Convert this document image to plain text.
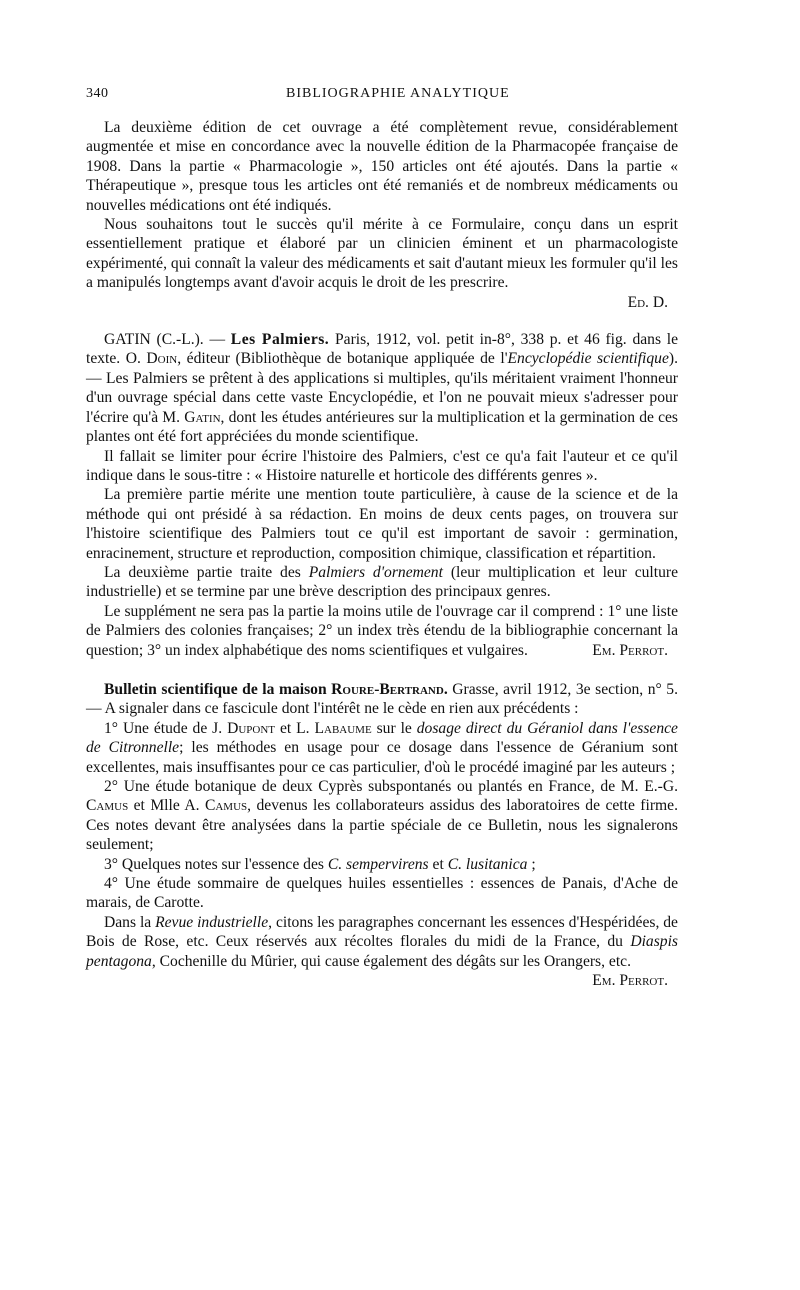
340	BIBLIOGRAPHIE ANALYTIQUE

La deuxième édition de cet ouvrage a été complètement revue, considérablement augmentée et mise en concordance avec la nouvelle édition de la Pharmacopée française de 1908. Dans la partie « Pharmacologie », 150 articles ont été ajoutés. Dans la partie « Thérapeutique », presque tous les articles ont été remaniés et de nombreux médicaments ou nouvelles médications ont été indiqués.

Nous souhaitons tout le succès qu'il mérite à ce Formulaire, conçu dans un esprit essentiellement pratique et élaboré par un clinicien éminent et un pharmacologiste expérimenté, qui connaît la valeur des médicaments et sait d'autant mieux les formuler qu'il les a manipulés longtemps avant d'avoir acquis le droit de les prescrire.

Ed. D.

GATIN (C.-L.). — Les Palmiers. Paris, 1912, vol. petit in-8°, 338 p. et 46 fig. dans le texte. O. Doin, éditeur (Bibliothèque de botanique appliquée de l'Encyclopédie scientifique). — Les Palmiers se prêtent à des applications si multiples, qu'ils méritaient vraiment l'honneur d'un ouvrage spécial dans cette vaste Encyclopédie, et l'on ne pouvait mieux s'adresser pour l'écrire qu'à M. Gatin, dont les études antérieures sur la multiplication et la germination de ces plantes ont été fort appréciées du monde scientifique.

Il fallait se limiter pour écrire l'histoire des Palmiers, c'est ce qu'a fait l'auteur et ce qu'il indique dans le sous-titre : « Histoire naturelle et horticole des différents genres ».

La première partie mérite une mention toute particulière, à cause de la science et de la méthode qui ont présidé à sa rédaction. En moins de deux cents pages, on trouvera sur l'histoire scientifique des Palmiers tout ce qu'il est important de savoir : germination, enracinement, structure et reproduction, composition chimique, classification et répartition.

La deuxième partie traite des Palmiers d'ornement (leur multiplication et leur culture industrielle) et se termine par une brève description des principaux genres.

Le supplément ne sera pas la partie la moins utile de l'ouvrage car il comprend : 1° une liste de Palmiers des colonies françaises; 2° un index très étendu de la bibliographie concernant la question; 3° un index alphabétique des noms scientifiques et vulgaires.	Em. Perrot.

Bulletin scientifique de la maison Roure-Bertrand. Grasse, avril 1912, 3e section, n° 5. — A signaler dans ce fascicule dont l'intérêt ne le cède en rien aux précédents :

1° Une étude de J. Dupont et L. Labaume sur le dosage direct du Géraniol dans l'essence de Citronnelle; les méthodes en usage pour ce dosage dans l'essence de Géranium sont excellentes, mais insuffisantes pour ce cas particulier, d'où le procédé imaginé par les auteurs ;

2° Une étude botanique de deux Cyprès subspontanés ou plantés en France, de M. E.-G. Camus et Mlle A. Camus, devenus les collaborateurs assidus des laboratoires de cette firme. Ces notes devant être analysées dans la partie spéciale de ce Bulletin, nous les signalerons seulement;

3° Quelques notes sur l'essence des C. sempervirens et C. lusitanica ;

4° Une étude sommaire de quelques huiles essentielles : essences de Panais, d'Ache de marais, de Carotte.

Dans la Revue industrielle, citons les paragraphes concernant les essences d'Hespéridées, de Bois de Rose, etc. Ceux réservés aux récoltes florales du midi de la France, du Diaspis pentagona, Cochenille du Mûrier, qui cause également des dégâts sur les Orangers, etc.
Em. Perrot.
